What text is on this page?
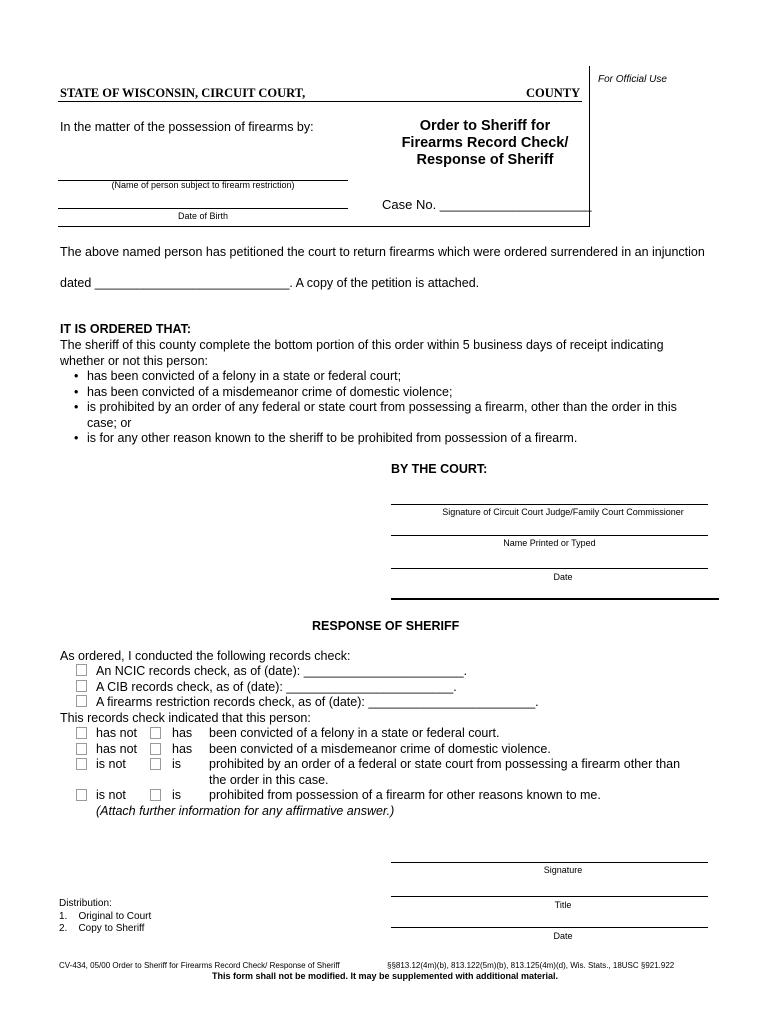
For Official Use
STATE OF WISCONSIN, CIRCUIT COURT,	COUNTY
In the matter of the possession of firearms by:	Order to Sheriff for
Firearms Record Check/
Response of Sheriff
(Name of person subject to firearm restriction)
Date of Birth
Case No. _____________________
The above named person has petitioned the court to return firearms which were ordered surrendered in an injunction
dated ____________________________. A copy of the petition is attached.
IT IS ORDERED THAT:
The sheriff of this county complete the bottom portion of this order within 5 business days of receipt indicating whether or not this person:
• has been convicted of a felony in a state or federal court;
• has been convicted of a misdemeanor crime of domestic violence;
• is prohibited by an order of any federal or state court from possessing a firearm, other than the order in this case; or
• is for any other reason known to the sheriff to be prohibited from possession of a firearm.
BY THE COURT:
Signature of Circuit Court Judge/Family Court Commissioner
Name Printed or Typed
Date
RESPONSE OF SHERIFF
As ordered, I conducted the following records check:
An NCIC records check, as of (date): _______________________.
A CIB records check, as of (date): ________________________.
A firearms restriction records check, as of (date): ________________________.
This records check indicated that this person:
has not	has been convicted of a felony in a state or federal court.
has not	has been convicted of a misdemeanor crime of domestic violence.
is not	is prohibited by an order of a federal or state court from possessing a firearm other than
the order in this case.
is not	is prohibited from possession of a firearm for other reasons known to me.
(Attach further information for any affirmative answer.)
Signature
Title
Date
Distribution:
1.    Original to Court
2.    Copy to Sheriff
CV-434, 05/00 Order to Sheriff for Firearms Record Check/ Response of Sheriff	§§813.12(4m)(b), 813.122(5m)(b), 813.125(4m)(d), Wis. Stats., 18USC §921.922
This form shall not be modified. It may be supplemented with additional material.
